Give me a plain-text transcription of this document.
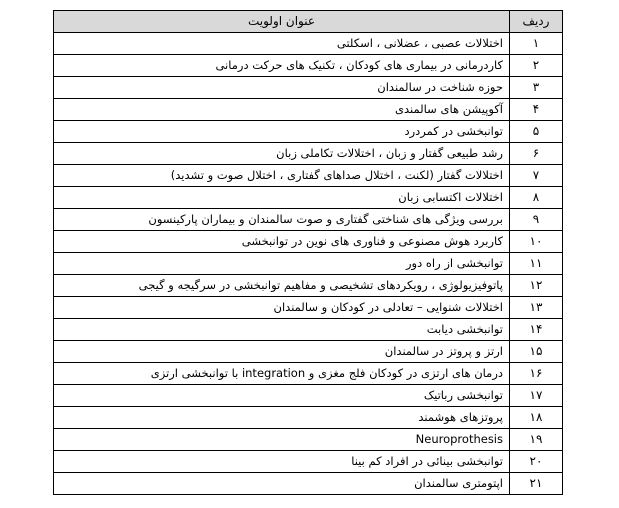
ردیف	عنوان اولویت
۱	اختلالات عصبی ، عضلانی ، اسکلتی
۲	کاردرمانی در بیماری های کودکان ، تکنیک های حرکت درمانی
۳	حوزه شناخت در سالمندان
۴	آکوپیشن های سالمندی
۵	توانبخشی در کمردرد
۶	رشد طبیعی گفتار و زبان ، اختلالات تکاملی زبان
۷	اختلالات گفتار (لکنت ، اختلال صداهای گفتاری ، اختلال صوت و تشدید)
۸	اختلالات اکتسابی زبان
۹	بررسی ویژگی های شناختی گفتاری و صوت سالمندان و بیماران پارکینسون
۱۰	کاربرد هوش مصنوعی و فناوری های نوین در توانبخشی
۱۱	توانبخشی از راه دور
۱۲	پاتوفیزیولوژی ، رویکردهای تشخیصی و مفاهیم توانبخشی در سرگیجه و گیجی
۱۳	اختلالات شنوایی – تعادلی در کودکان و سالمندان
۱۴	توانبخشی دیابت
۱۵	ارتز و پروتز در سالمندان
۱۶	درمان های ارتزی در کودکان فلج مغزی و integration با توانبخشی ارتزی
۱۷	توانبخشی رباتیک
۱۸	پروتزهای هوشمند
۱۹	Neuroprothesis
۲۰	توانبخشی بینائی در افراد کم بینا
۲۱	اپتومتری سالمندان
